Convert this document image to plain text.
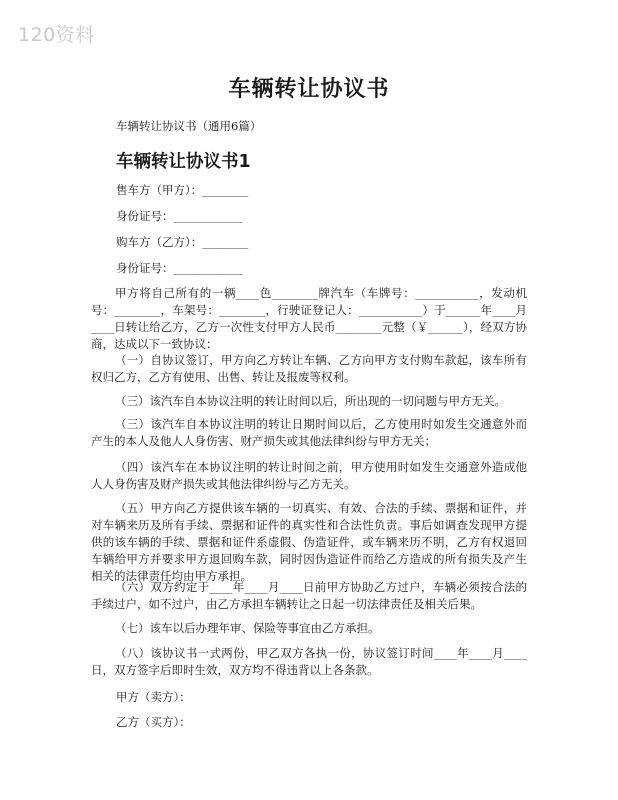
120资料
车辆转让协议书
车辆转让协议书（通用6篇）
车辆转让协议书1
售车方（甲方）：________
身份证号：____________
购车方（乙方）：________
身份证号：____________
甲方将自己所有的一辆____色________牌汽车（车牌号：___________，发动机号：________，车架号：________，行驶证登记人：___________）于______年____月____日转让给乙方，乙方一次性支付甲方人民币________元整（￥______），经双方协商，达成以下一致协议：
（一）自协议签订，甲方向乙方转让车辆、乙方向甲方支付购车款起，该车所有权归乙方，乙方有使用、出售、转让及报废等权利。
（三）该汽车自本协议注明的转让时间以后，所出现的一切问题与甲方无关。
（三）该汽车自本协议注明的转让日期时间以后，乙方使用时如发生交通意外而产生的本人及他人人身伤害、财产损失或其他法律纠纷与甲方无关；
（四）该汽车在本协议注明的转让时间之前，甲方使用时如发生交通意外造成他人人身伤害及财产损失或其他法律纠纷与乙方无关。
（五）甲方向乙方提供该车辆的一切真实、有效、合法的手续、票据和证件，并对车辆来历及所有手续、票据和证件的真实性和合法性负责。事后如调查发现甲方提供的该车辆的手续、票据和证件系虚假、伪造证件，或车辆来历不明，乙方有权退回车辆给甲方并要求甲方退回购车款，同时因伪造证件而给乙方造成的所有损失及产生相关的法律责任均由甲方承担。
（六）双方约定于____年____月____日前甲方协助乙方过户，车辆必须按合法的手续过户，如不过户，由乙方承担车辆转让之日起一切法律责任及相关后果。
（七）该车以后办理年审、保险等事宜由乙方承担。
（八）该协议书一式两份，甲乙双方各执一份，协议签订时间____年____月____日，双方签字后即时生效，双方均不得违背以上各条款。
甲方（卖方）：
乙方（买方）：
